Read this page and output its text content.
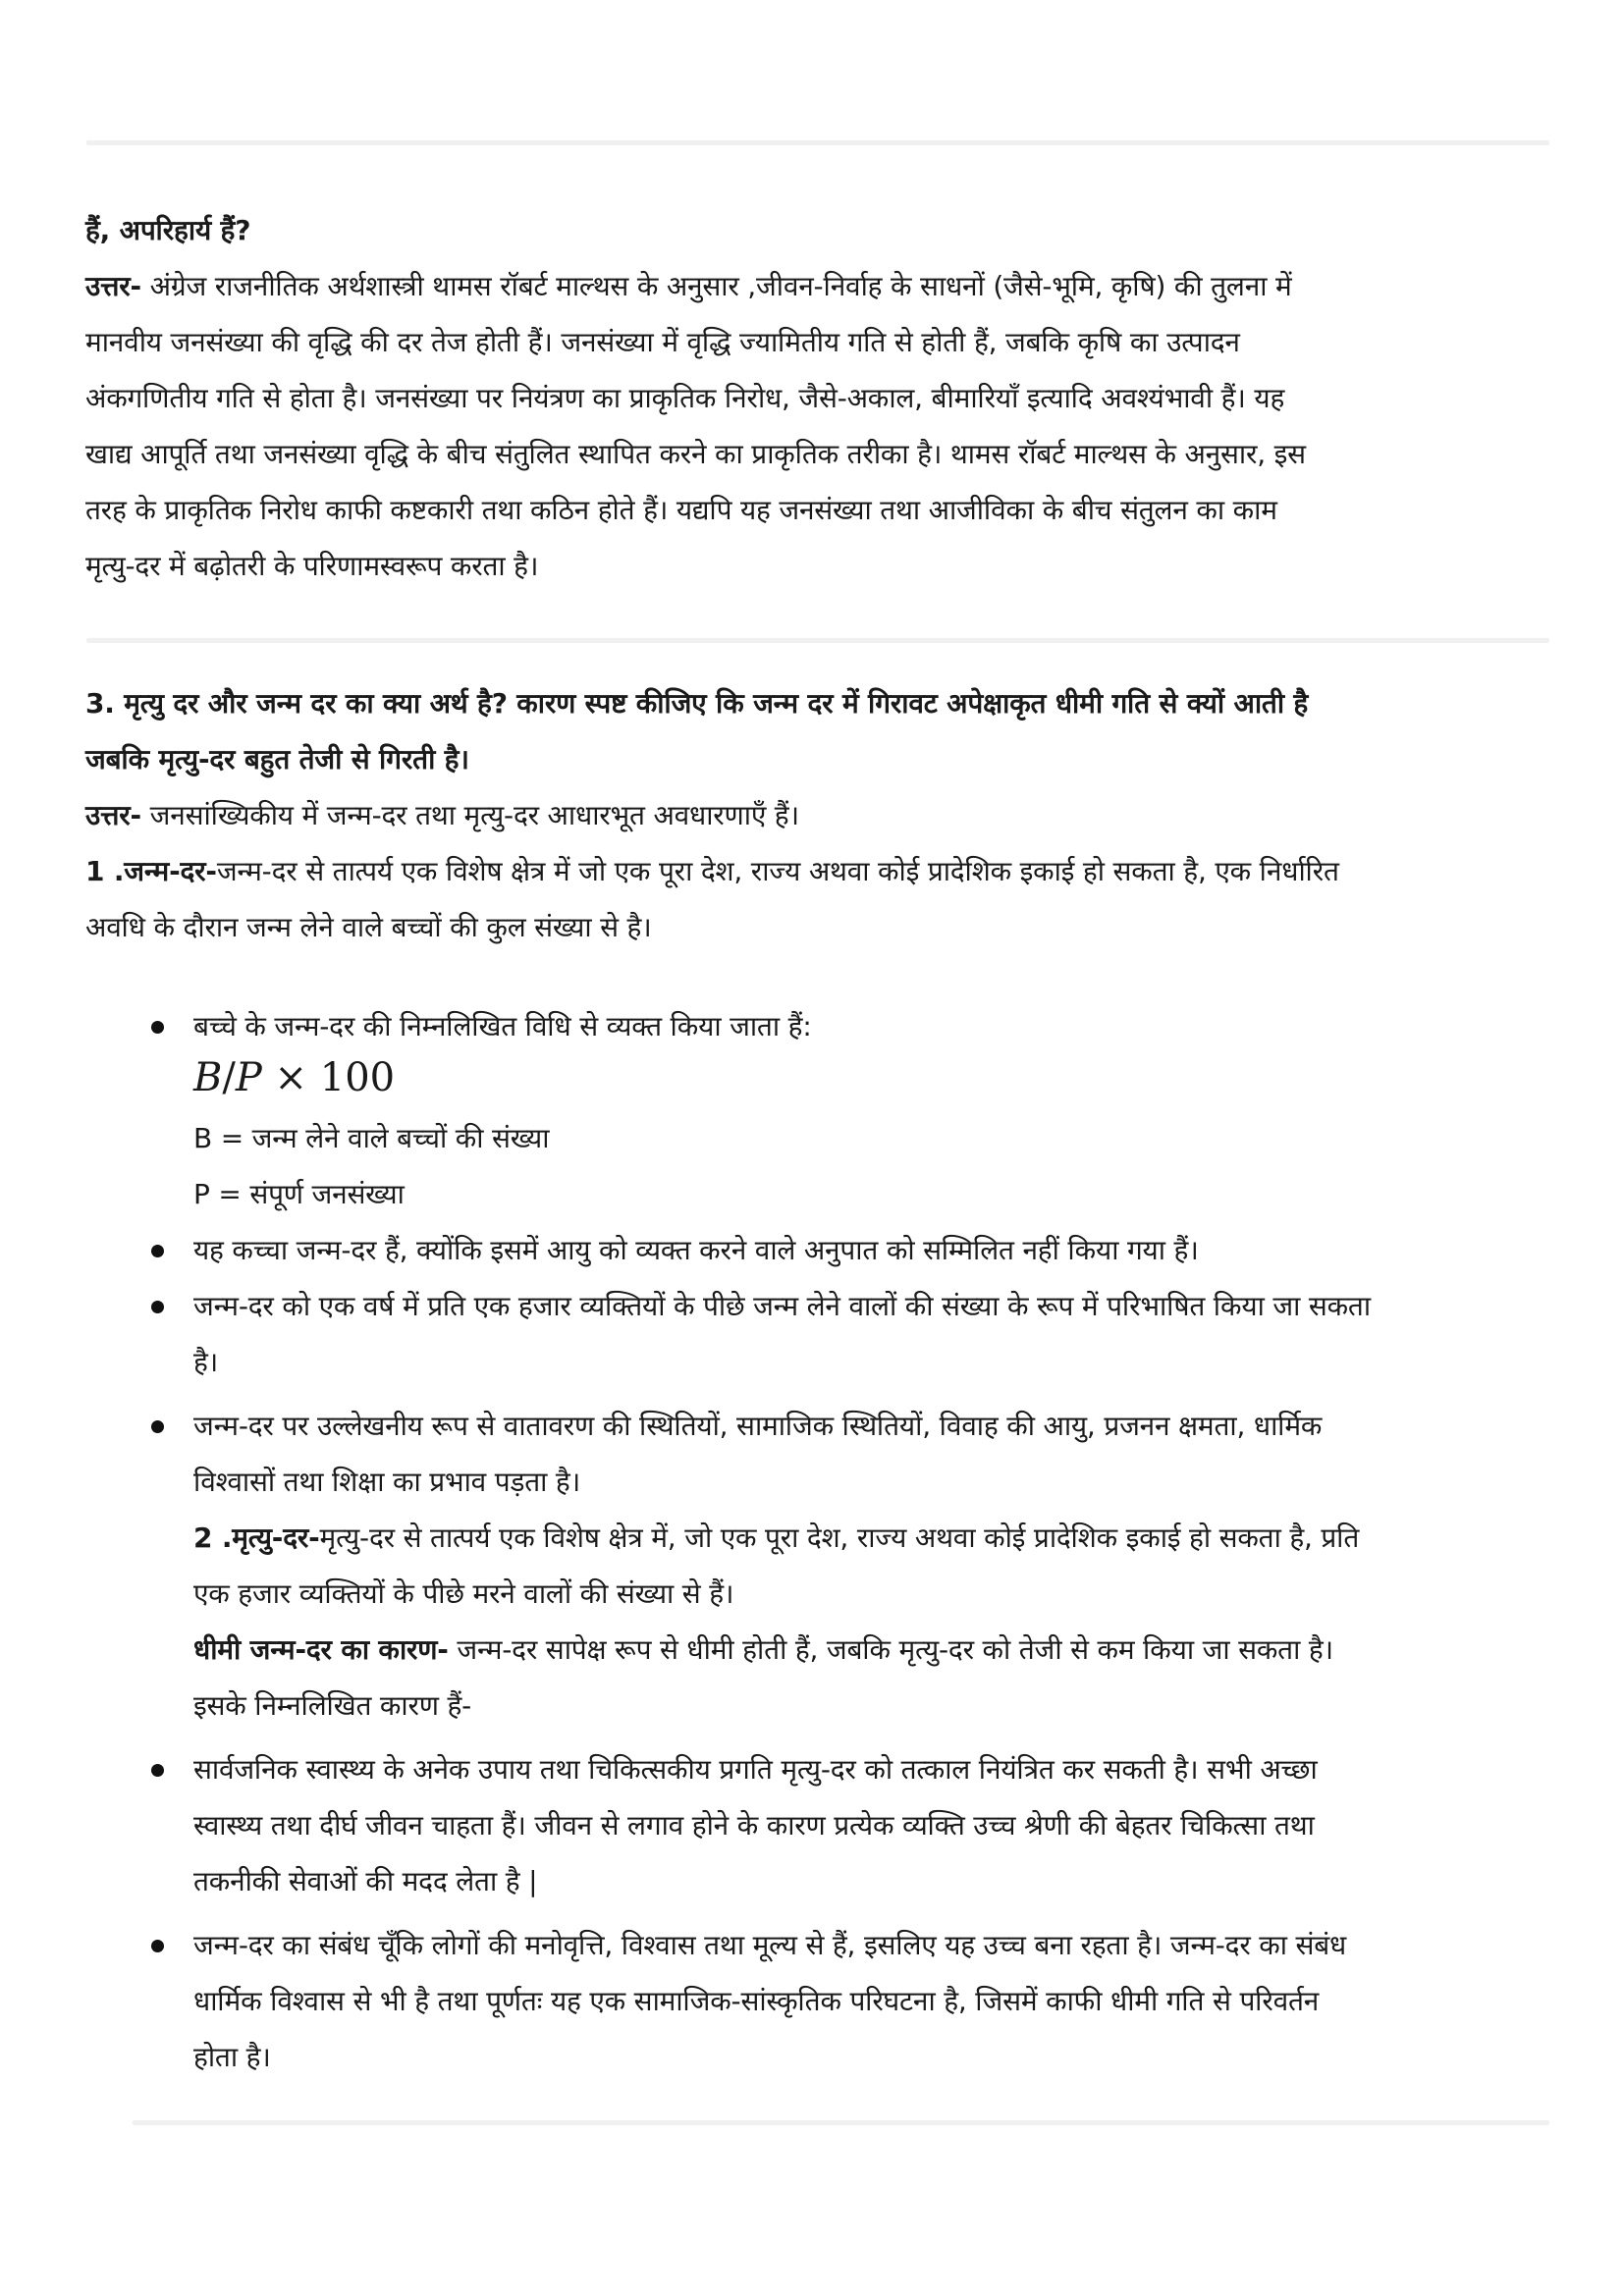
हैं, अपरिहार्य हैं?
उत्तर- अंग्रेज राजनीतिक अर्थशास्त्री थामस रॉबर्ट माल्थस के अनुसार ,जीवन-निर्वाह के साधनों (जैसे-भूमि, कृषि) की तुलना में
मानवीय जनसंख्या की वृद्धि की दर तेज होती हैं। जनसंख्या में वृद्धि ज्यामितीय गति से होती हैं, जबकि कृषि का उत्पादन
अंकगणितीय गति से होता है। जनसंख्या पर नियंत्रण का प्राकृतिक निरोध, जैसे-अकाल, बीमारियाँ इत्यादि अवश्यंभावी हैं। यह
खाद्य आपूर्ति तथा जनसंख्या वृद्धि के बीच संतुलित स्थापित करने का प्राकृतिक तरीका है। थामस रॉबर्ट माल्थस के अनुसार, इस
तरह के प्राकृतिक निरोध काफी कष्टकारी तथा कठिन होते हैं। यद्यपि यह जनसंख्या तथा आजीविका के बीच संतुलन का काम
मृत्यु-दर में बढ़ोतरी के परिणामस्वरूप करता है।
3. मृत्यु दर और जन्म दर का क्या अर्थ है? कारण स्पष्ट कीजिए कि जन्म दर में गिरावट अपेक्षाकृत धीमी गति से क्यों आती है
जबकि मृत्यु-दर बहुत तेजी से गिरती है।
उत्तर- जनसांख्यिकीय में जन्म-दर तथा मृत्यु-दर आधारभूत अवधारणाएँ हैं।
1 .जन्म-दर-जन्म-दर से तात्पर्य एक विशेष क्षेत्र में जो एक पूरा देश, राज्य अथवा कोई प्रादेशिक इकाई हो सकता है, एक निर्धारित
अवधि के दौरान जन्म लेने वाले बच्चों की कुल संख्या से है।
बच्चे के जन्म-दर की निम्नलिखित विधि से व्यक्त किया जाता हैं:
B/P × 100
B = जन्म लेने वाले बच्चों की संख्या
P = संपूर्ण जनसंख्या
यह कच्चा जन्म-दर हैं, क्योंकि इसमें आयु को व्यक्त करने वाले अनुपात को सम्मिलित नहीं किया गया हैं।
जन्म-दर को एक वर्ष में प्रति एक हजार व्यक्तियों के पीछे जन्म लेने वालों की संख्या के रूप में परिभाषित किया जा सकता
है।
जन्म-दर पर उल्लेखनीय रूप से वातावरण की स्थितियों, सामाजिक स्थितियों, विवाह की आयु, प्रजनन क्षमता, धार्मिक
विश्वासों तथा शिक्षा का प्रभाव पड़ता है।
2 .मृत्यु-दर-मृत्यु-दर से तात्पर्य एक विशेष क्षेत्र में, जो एक पूरा देश, राज्य अथवा कोई प्रादेशिक इकाई हो सकता है, प्रति
एक हजार व्यक्तियों के पीछे मरने वालों की संख्या से हैं।
धीमी जन्म-दर का कारण- जन्म-दर सापेक्ष रूप से धीमी होती हैं, जबकि मृत्यु-दर को तेजी से कम किया जा सकता है।
इसके निम्नलिखित कारण हैं-
सार्वजनिक स्वास्थ्य के अनेक उपाय तथा चिकित्सकीय प्रगति मृत्यु-दर को तत्काल नियंत्रित कर सकती है। सभी अच्छा
स्वास्थ्य तथा दीर्घ जीवन चाहता हैं। जीवन से लगाव होने के कारण प्रत्येक व्यक्ति उच्च श्रेणी की बेहतर चिकित्सा तथा
तकनीकी सेवाओं की मदद लेता है |
जन्म-दर का संबंध चूँकि लोगों की मनोवृत्ति, विश्वास तथा मूल्य से हैं, इसलिए यह उच्च बना रहता है। जन्म-दर का संबंध
धार्मिक विश्वास से भी है तथा पूर्णतः यह एक सामाजिक-सांस्कृतिक परिघटना है, जिसमें काफी धीमी गति से परिवर्तन
होता है।
